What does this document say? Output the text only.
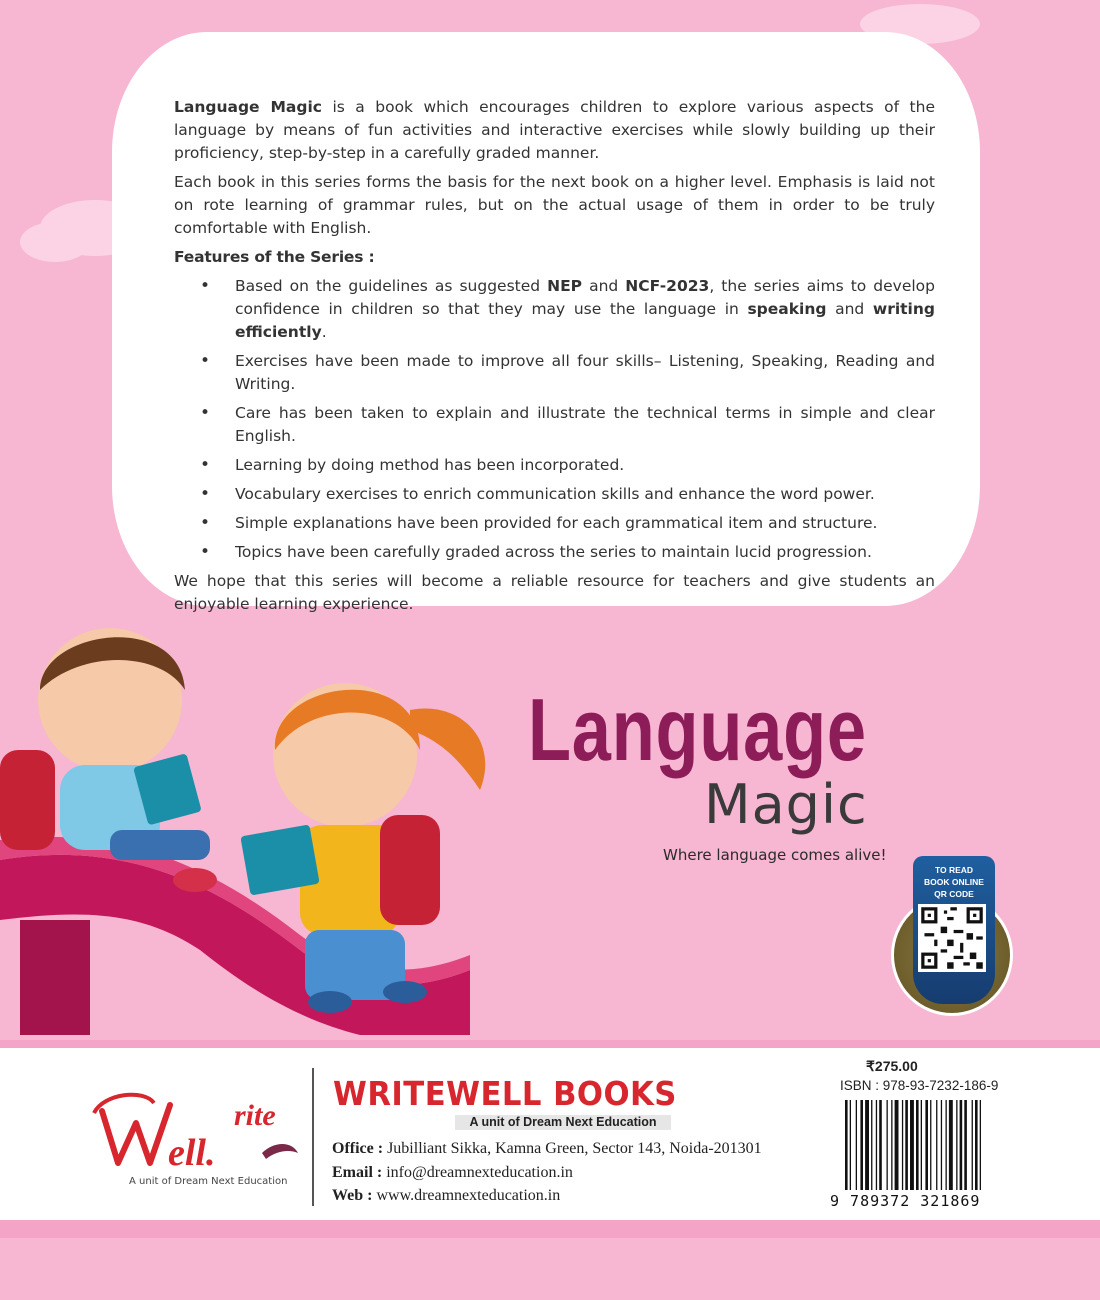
Language Magic is a book which encourages children to explore various aspects of the language by means of fun activities and interactive exercises while slowly building up their proficiency, step-by-step in a carefully graded manner.

Each book in this series forms the basis for the next book on a higher level. Emphasis is laid not on rote learning of grammar rules, but on the actual usage of them in order to be truly comfortable with English.

Features of the Series :

• Based on the guidelines as suggested NEP and NCF-2023, the series aims to develop confidence in children so that they may use the language in speaking and writing efficiently.
• Exercises have been made to improve all four skills– Listening, Speaking, Reading and Writing.
• Care has been taken to explain and illustrate the technical terms in simple and clear English.
• Learning by doing method has been incorporated.
• Vocabulary exercises to enrich communication skills and enhance the word power.
• Simple explanations have been provided for each grammatical item and structure.
• Topics have been carefully graded across the series to maintain lucid progression.

We hope that this series will become a reliable resource for teachers and give students an enjoyable learning experience.

Language
Magic
Where language comes alive!
TO READ
BOOK ONLINE
QR CODE
rite
ell.
A unit of Dream Next Education
WRITEWELL BOOKS
A unit of Dream Next Education
Office : Jubilliant Sikka, Kamna Green, Sector 143, Noida-201301
Email : info@dreamnexteducation.in
Web : www.dreamnexteducation.in
₹275.00
ISBN : 978-93-7232-186-9
9 789372 321869
